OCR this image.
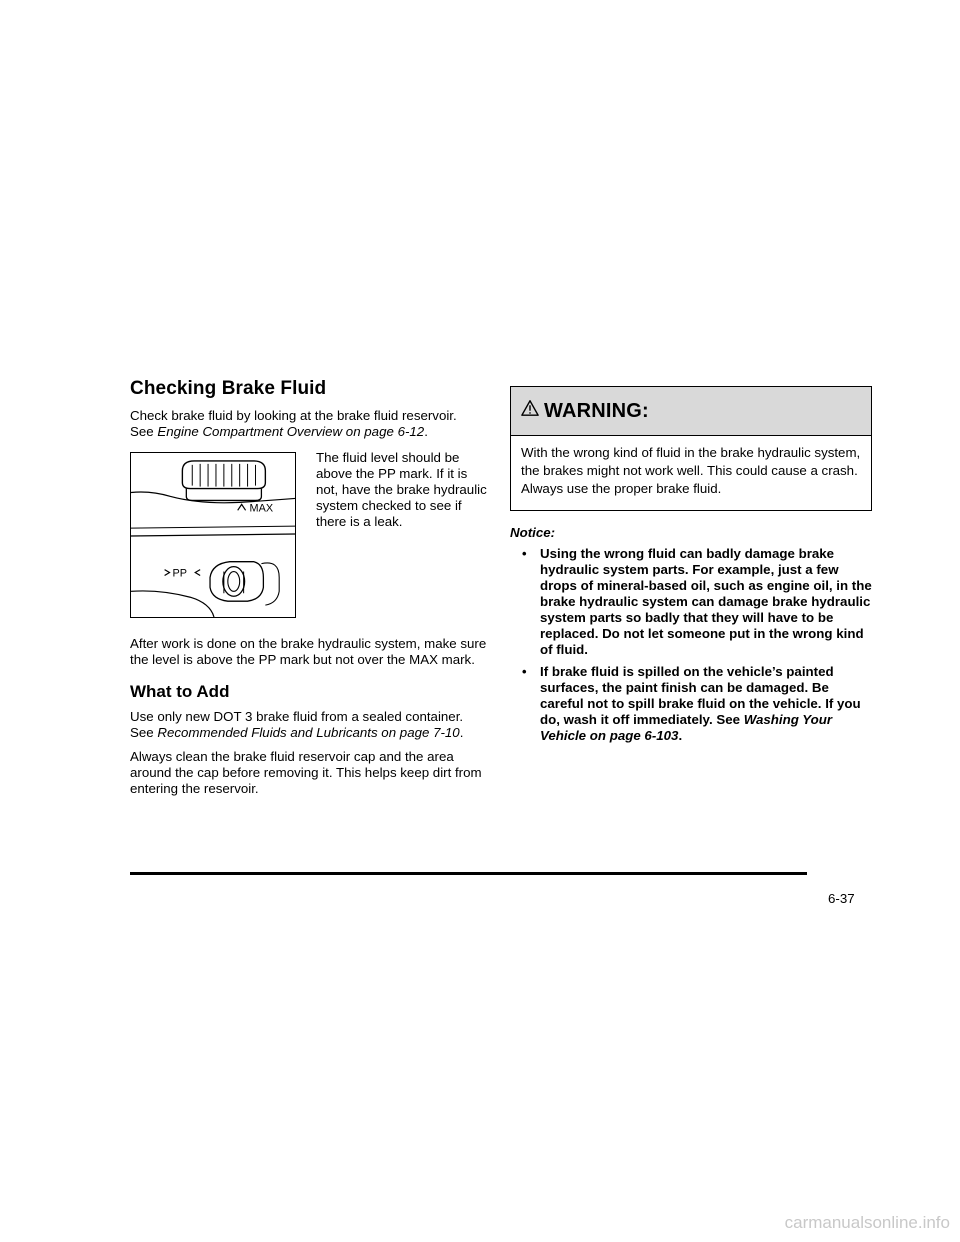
Checking Brake Fluid

Check brake fluid by looking at the brake fluid reservoir.
See Engine Compartment Overview on page 6-12.

MAX
PP

The fluid level should be above the PP mark. If it is not, have the brake hydraulic system checked to see if there is a leak.

After work is done on the brake hydraulic system, make sure the level is above the PP mark but not over the MAX mark.

What to Add

Use only new DOT 3 brake fluid from a sealed container.
See Recommended Fluids and Lubricants on page 7-10.

Always clean the brake fluid reservoir cap and the area around the cap before removing it. This helps keep dirt from entering the reservoir.

WARNING:
With the wrong kind of fluid in the brake hydraulic system, the brakes might not work well. This could cause a crash. Always use the proper brake fluid.
Notice:
• Using the wrong fluid can badly damage brake hydraulic system parts. For example, just a few drops of mineral-based oil, such as engine oil, in the brake hydraulic system can damage brake hydraulic system parts so badly that they will have to be replaced. Do not let someone put in the wrong kind of fluid.
• If brake fluid is spilled on the vehicle’s painted surfaces, the paint finish can be damaged. Be careful not to spill brake fluid on the vehicle. If you do, wash it off immediately. See Washing Your Vehicle on page 6-103.
6-37
carmanualsonline.info
